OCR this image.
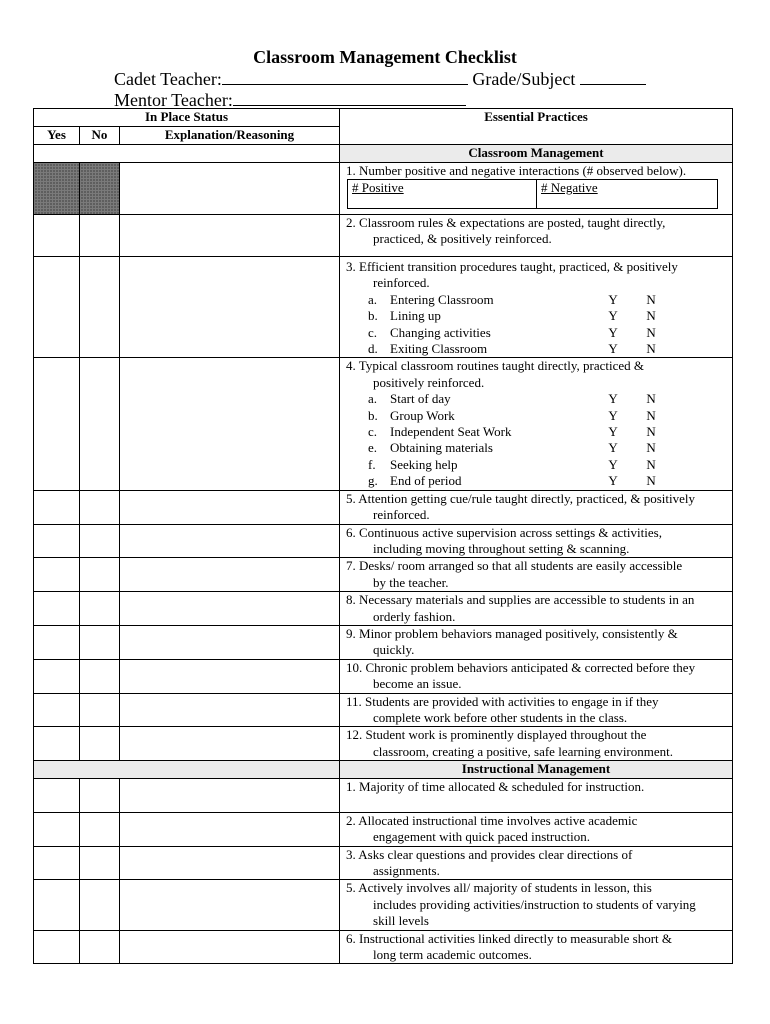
Classroom Management Checklist
Cadet Teacher:	Grade/Subject
Mentor Teacher:
In Place Status	Essential Practices
Yes	No	Explanation/Reasoning
	Classroom Management

1. Number positive and negative interactions (# observed below).
# Positive	# Negative

2. Classroom rules & expectations are posted, taught directly,
practiced, & positively reinforced.

3. Efficient transition procedures taught, practiced, & positively
reinforced.
a. Entering Classroom	Y	N
b. Lining up	Y	N
c. Changing activities	Y	N
d. Exiting Classroom	Y	N

4. Typical classroom routines taught directly, practiced &
positively reinforced.
a. Start of day	Y	N
b. Group Work	Y	N
c. Independent Seat Work	Y	N
e. Obtaining materials	Y	N
f.	Seeking help	Y	N
g. End of period	Y	N

5. Attention getting cue/rule taught directly, practiced, & positively
reinforced.

6. Continuous active supervision across settings & activities,
including moving throughout setting & scanning.

7. Desks/ room arranged so that all students are easily accessible
by the teacher.

8. Necessary materials and supplies are accessible to students in an
orderly fashion.

9. Minor problem behaviors managed positively, consistently &
quickly.

10. Chronic problem behaviors anticipated & corrected before they
become an issue.

11. Students are provided with activities to engage in if they
complete work before other students in the class.

12. Student work is prominently displayed throughout the
classroom, creating a positive, safe learning environment.

	Instructional Management

1. Majority of time allocated & scheduled for instruction.

2. Allocated instructional time involves active academic
engagement with quick paced instruction.

3. Asks clear questions and provides clear directions of
assignments.

5. Actively involves all/ majority of students in lesson, this
includes providing activities/instruction to students of varying
skill levels

6. Instructional activities linked directly to measurable short &
long term academic outcomes.
